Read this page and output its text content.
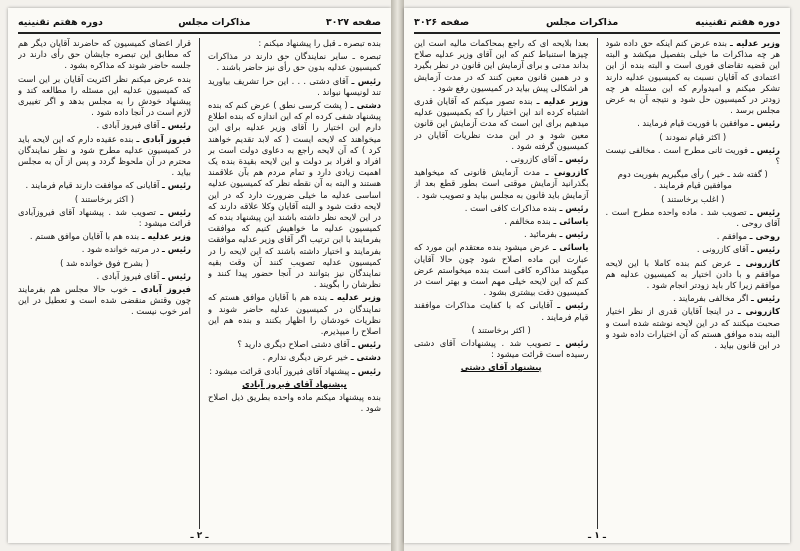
صفحه ۳۰۲۷
مذاکرات مجلس
دوره هفتم تقنینیه

بنده تبصره ـ قبل را پیشنهاد میکنم :

تبصره ـ سایر نمایندگان حق دارند در مذاکرات کمیسیون عدلیه بدون حق رأی نیز حاضر باشند .

رئیس ـ آقای دشتی . . . این حرا تشریف بیاورید تند لونیسها نبواند .

دشتی ـ ( پشت کرسی نطق ) عرض کنم که بنده پیشنهاد شفی کرده ام که این اندازه که بنده اطلاع دارم این اختیار را آقای وزیر عدلیه برای این میخواهند که لایحه ایست ( که لابد تقدیم خواهند کرد ) که آن لایحه راجع به دعاوی دولت است بر افراد و افراد بر دولت و این لایحه بقیدة بنده یک اهمیت زیادی دارد و تمام مردم هم بآن علاقمند هستند و البته به آن نقطه نظر که کمیسیون عدلیه اساسی عدلیه ما خیلی ضرورت دارد که در این لایحه دقت شود و البته آقایان وکلا علاقه دارند که در این لایحه نظر داشته باشند این پیشنهاد بنده که کمیسیون عدلیه ما خواهیش کنیم که موافقت بفرمایند با این ترتیب اگر آقای وزیر عدلیه موافقت بفرمایند و اختیار داشته باشند که این لایحه را در کمیسیون عدلیه تصویب کنند آن وقت بقیه نمایندگان نیز بتوانند در آنجا حضور پیدا کنند و نظرشان را بگویند .

وزیر عدلیه ـ بنده هم با آقایان موافق هستم که نمایندگان در کمیسیون عدلیه حاضر شوند و نظریات خودشان را اظهار بکنند و بنده هم این اصلاح را میپذیرم.

رئیس ـ آقای دشتی اصلاح دیگری دارید ؟

دشتی ـ خیر عرض دیگری ندارم .

رئیس ـ پیشنهاد آقای فیروز آبادی قرائت میشود :

پیشنهاد آقای فیروز آبادی

بنده پیشنهاد میکنم ماده واحده بطریق ذیل اصلاح شود .

قرار اعضای کمیسیون که حاضرند آقایان دیگر هم که مطابق این تبصره جایشان حق رأی دارند در جلسه حاضر شوند که مذاکره بشود .

بنده عرض میکنم نظر اکثریت آقایان بر این است که کمیسیون عدلیه این مسئله را مطالعه کند و پیشنهاد خودش را به مجلس بدهد و اگر تغییری لازم است در آنجا داده شود .

رئیس ـ آقای فیروز آبادی .

فیروز آبادی ـ بنده عقیده دارم که این لایحه باید در کمیسیون عدلیه مطرح شود و نظر نمایندگان محترم در آن ملحوظ گردد و پس از آن به مجلس بیاید .

رئیس ـ آقایانی که موافقت دارند قیام فرمایند .

( اکثر برخاستند )

رئیس ـ تصویب شد . پیشنهاد آقای فیروزآبادی قرائت میشود :

وزیر عدلیه ـ بنده هم با آقایان موافق هستم .

رئیس ـ در مرتبه خوانده شود .

( بشرح فوق خوانده شد )

رئیس ـ آقای فیروز آبادی .

فیروز آبادی ـ خوب حالا مجلس هم بفرمایند چون وقتش منقضی شده است و تعطیل در این امر خوب نیست .

ـ ۲ ـ
دوره هفتم تقنینیه
مذاکرات مجلس
صفحه ۳۰۲۶

وزیر عدلیه ـ بنده عرض کنم اینکه حق داده شود هر چه مذاکرات ما خیلی بتفصیل میکشد و البته این قضیه تقاضای فوری است و البته بنده از این اعتمادی که آقایان نسبت به کمیسیون عدلیه دارند تشکر میکنم و امیدوارم که این مسئله هر چه زودتر در کمیسیون حل شود و نتیجه آن به عرض مجلس برسد .

رئیس ـ موافقین با فوریت قیام فرمایند .

( اکثر قیام نمودند )

رئیس ـ فوریت ثانی مطرح است . مخالفی نیست ؟

( گفته شد ـ خیر ) رأی میگیریم بفوریت دوم موافقین قیام فرمایند .

( اغلب برخاستند )

رئیس ـ تصویب شد . ماده واحده مطرح است . آقای روحی .

روحی ـ موافقم .

رئیس ـ آقای کازرونی .

کازرونی ـ عرض کنم بنده کاملا با این لایحه موافقم و با دادن اختیار به کمیسیون عدلیه هم موافقم زیرا کار باید زودتر انجام شود .

رئیس ـ اگر مخالفی بفرمایند .

کازرونی ـ در اینجا آقایان قدری از نظر اختیار صحبت میکنند که در این لایحه نوشته شده است و البته بنده موافق هستم که آن اختیارات داده شود و در این قانون بیاید .

بعدا بلایحه ای که راجع بمحاکمات مالیه است این چیزها استنباط کنم که این آقای وزیر عدلیه صلاح بداند مدتی و برای آزمایش این قانون در نظر بگیرد و در همین قانون معین کنند که در مدت آزمایش هر اشکالی پیش بیاید در کمیسیون رفع شود .

وزیر عدلیه ـ بنده تصور میکنم که آقایان قدری اشتباه کرده اند این اختیار را که بکمیسیون عدلیه میدهیم برای این است که مدت آزمایش این قانون معین شود و در این مدت نظریات آقایان در کمیسیون گرفته شود .

رئیس ـ آقای کازرونی .

کازرونی ـ مدت آزمایش قانونی که میخواهید بگذرانید آزمایش موقتی است بطور قطع بعد از آزمایش باید قانون به مجلس بیاید و تصویب شود .

رئیس ـ بنده مذاکرات کافی است .

یاسائی ـ بنده مخالفم .

رئیس ـ بفرمائید .

یاسائی ـ عرض میشود بنده معتقدم این مورد که عبارت این ماده اصلاح شود چون حالا آقایان میگویند مذاکره کافی است بنده میخواستم عرض کنم که این لایحه خیلی مهم است و بهتر است در کمیسیون دقت بیشتری بشود .

رئیس ـ آقایانی که با کفایت مذاکرات موافقند قیام فرمایند .

( اکثر برخاستند )

رئیس ـ تصویب شد . پیشنهادات آقای دشتی رسیده است قرائت میشود :

پیشنهاد آقای دشتی

ـ ۱ ـ
